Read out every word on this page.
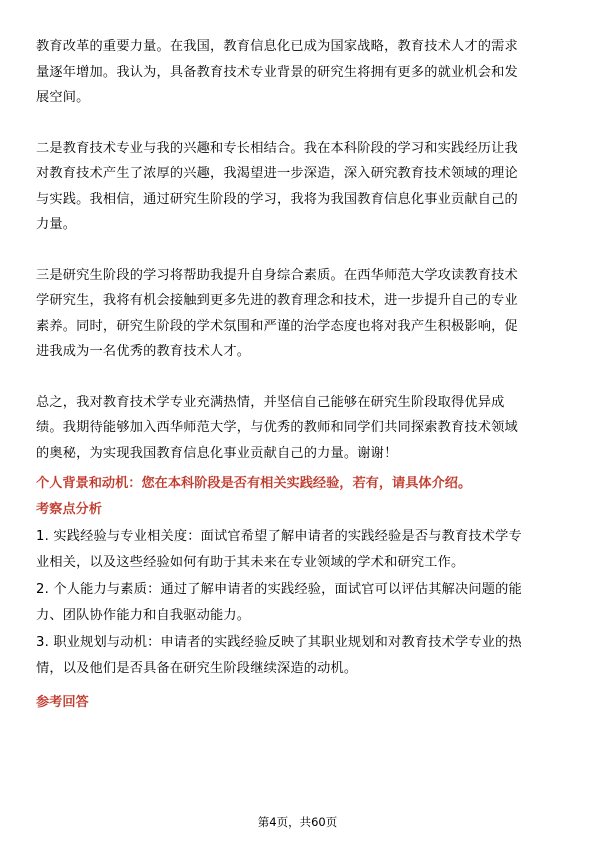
教育改革的重要力量。在我国，教育信息化已成为国家战略，教育技术人才的需求

量逐年增加。我认为，具备教育技术专业背景的研究生将拥有更多的就业机会和发

展空间。

二是教育技术专业与我的兴趣和专长相结合。我在本科阶段的学习和实践经历让我

对教育技术产生了浓厚的兴趣，我渴望进一步深造，深入研究教育技术领域的理论

与实践。我相信，通过研究生阶段的学习，我将为我国教育信息化事业贡献自己的

力量。

三是研究生阶段的学习将帮助我提升自身综合素质。在西华师范大学攻读教育技术

学研究生，我将有机会接触到更多先进的教育理念和技术，进一步提升自己的专业

素养。同时，研究生阶段的学术氛围和严谨的治学态度也将对我产生积极影响，促

进我成为一名优秀的教育技术人才。

总之，我对教育技术学专业充满热情，并坚信自己能够在研究生阶段取得优异成

绩。我期待能够加入西华师范大学，与优秀的教师和同学们共同探索教育技术领域

的奥秘，为实现我国教育信息化事业贡献自己的力量。谢谢！

个人背景和动机：您在本科阶段是否有相关实践经验，若有，请具体介绍。
考察点分析

1. 实践经验与专业相关度：面试官希望了解申请者的实践经验是否与教育技术学专

业相关，以及这些经验如何有助于其未来在专业领域的学术和研究工作。

2. 个人能力与素质：通过了解申请者的实践经验，面试官可以评估其解决问题的能

力、团队协作能力和自我驱动能力。

3. 职业规划与动机：申请者的实践经验反映了其职业规划和对教育技术学专业的热

情，以及他们是否具备在研究生阶段继续深造的动机。

参考回答
第4页，共60页
